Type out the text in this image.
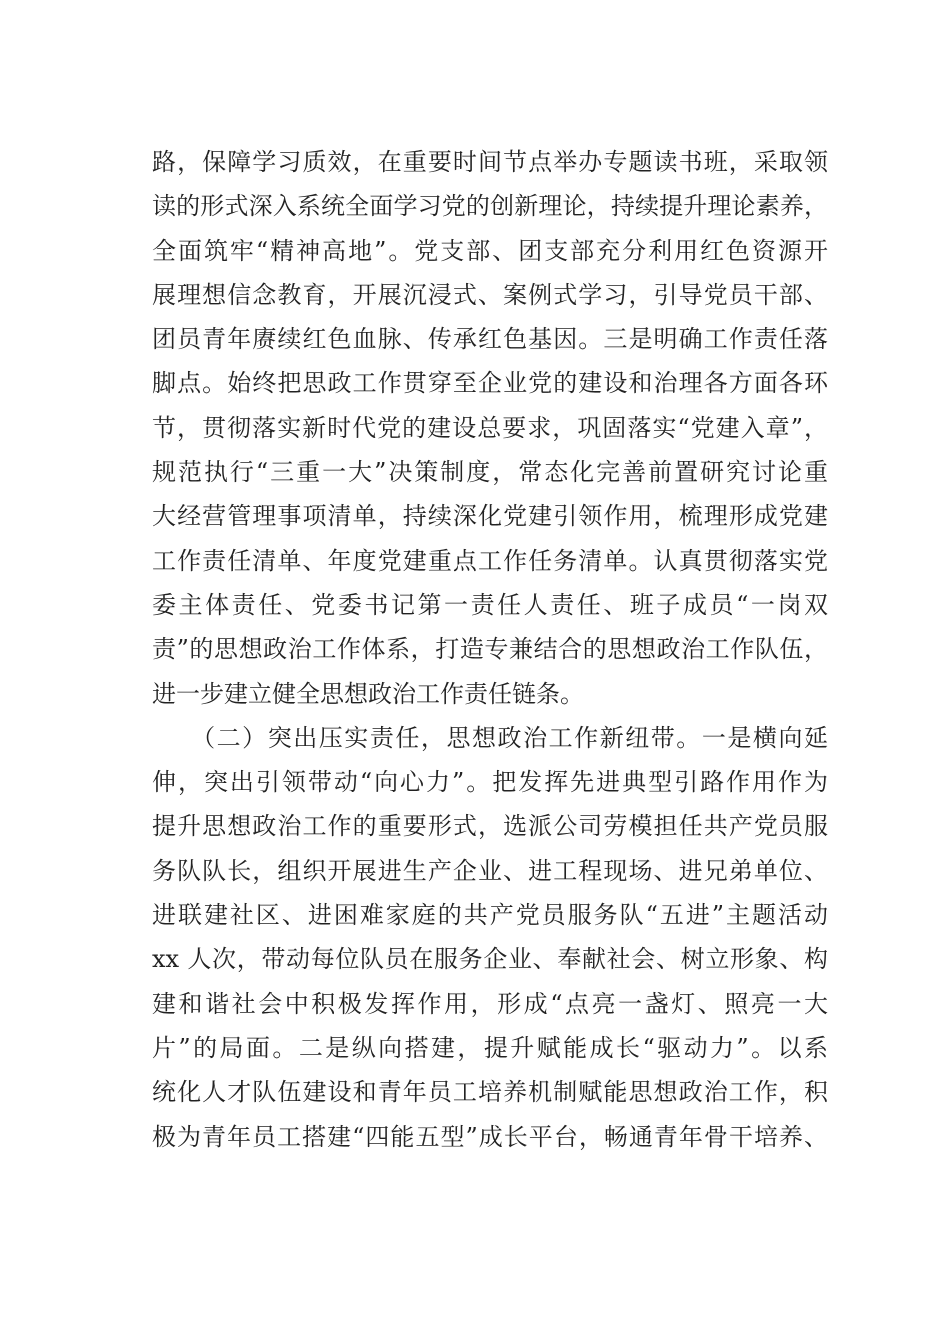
路，保障学习质效，在重要时间节点举办专题读书班，采取领
读的形式深入系统全面学习党的创新理论，持续提升理论素养，
全面筑牢“精神高地”。党支部、团支部充分利用红色资源开
展理想信念教育，开展沉浸式、案例式学习，引导党员干部、
团员青年赓续红色血脉、传承红色基因。三是明确工作责任落
脚点。始终把思政工作贯穿至企业党的建设和治理各方面各环
节，贯彻落实新时代党的建设总要求，巩固落实“党建入章”，
规范执行“三重一大”决策制度，常态化完善前置研究讨论重
大经营管理事项清单，持续深化党建引领作用，梳理形成党建
工作责任清单、年度党建重点工作任务清单。认真贯彻落实党
委主体责任、党委书记第一责任人责任、班子成员“一岗双
责”的思想政治工作体系，打造专兼结合的思想政治工作队伍，
进一步建立健全思想政治工作责任链条。
　　（二）突出压实责任，思想政治工作新纽带。一是横向延
伸，突出引领带动“向心力”。把发挥先进典型引路作用作为
提升思想政治工作的重要形式，选派公司劳模担任共产党员服
务队队长，组织开展进生产企业、进工程现场、进兄弟单位、
进联建社区、进困难家庭的共产党员服务队“五进”主题活动
xx 人次，带动每位队员在服务企业、奉献社会、树立形象、构
建和谐社会中积极发挥作用，形成“点亮一盏灯、照亮一大
片”的局面。二是纵向搭建，提升赋能成长“驱动力”。以系
统化人才队伍建设和青年员工培养机制赋能思想政治工作，积
极为青年员工搭建“四能五型”成长平台，畅通青年骨干培养、
